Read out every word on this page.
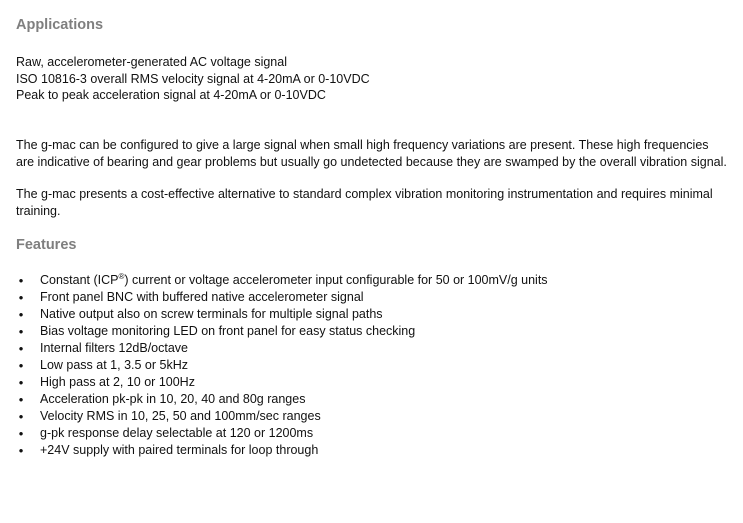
Applications
Raw, accelerometer-generated AC voltage signal
ISO 10816-3 overall RMS velocity signal at 4-20mA or 0-10VDC
Peak to peak acceleration signal at 4-20mA or 0-10VDC

The g-mac can be configured to give a large signal when small high frequency variations are present. These high frequencies are indicative of bearing and gear problems but usually go undetected because they are swamped by the overall vibration signal.

The g-mac presents a cost-effective alternative to standard complex vibration monitoring instrumentation and requires minimal training.

Features
• Constant (ICP®) current or voltage accelerometer input configurable for 50 or 100mV/g units
• Front panel BNC with buffered native accelerometer signal
• Native output also on screw terminals for multiple signal paths
• Bias voltage monitoring LED on front panel for easy status checking
• Internal filters 12dB/octave
• Low pass at 1, 3.5 or 5kHz
• High pass at 2, 10 or 100Hz
• Acceleration pk-pk in 10, 20, 40 and 80g ranges
• Velocity RMS in 10, 25, 50 and 100mm/sec ranges
• g-pk response delay selectable at 120 or 1200ms
• +24V supply with paired terminals for loop through
